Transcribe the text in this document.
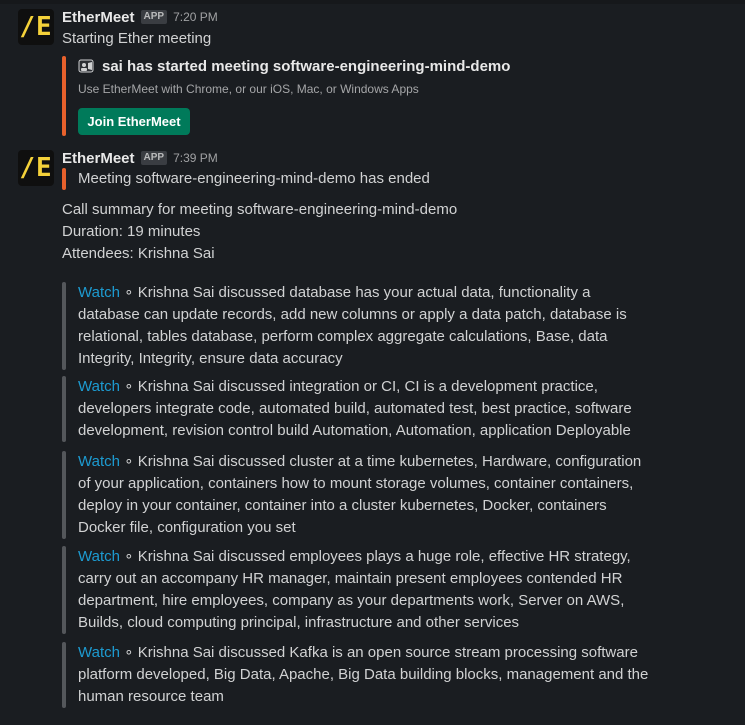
/E EtherMeet APP 7:20 PM
Starting Ether meeting
sai has started meeting software-engineering-mind-demo
Use EtherMeet with Chrome, or our iOS, Mac, or Windows Apps
Join EtherMeet
/E EtherMeet APP 7:39 PM
Meeting software-engineering-mind-demo has ended
Call summary for meeting software-engineering-mind-demo
Duration: 19 minutes
Attendees: Krishna Sai
Watch ∘ Krishna Sai discussed database has your actual data, functionality a database can update records, add new columns or apply a data patch, database is relational, tables database, perform complex aggregate calculations, Base, data Integrity, Integrity, ensure data accuracy
Watch ∘ Krishna Sai discussed integration or CI, CI is a development practice, developers integrate code, automated build, automated test, best practice, software development, revision control build Automation, Automation, application Deployable
Watch ∘ Krishna Sai discussed cluster at a time kubernetes, Hardware, configuration of your application, containers how to mount storage volumes, container containers, deploy in your container, container into a cluster kubernetes, Docker, containers Docker file, configuration you set
Watch ∘ Krishna Sai discussed employees plays a huge role, effective HR strategy, carry out an accompany HR manager, maintain present employees contended HR department, hire employees, company as your departments work, Server on AWS, Builds, cloud computing principal, infrastructure and other services
Watch ∘ Krishna Sai discussed Kafka is an open source stream processing software platform developed, Big Data, Apache, Big Data building blocks, management and the human resource team
